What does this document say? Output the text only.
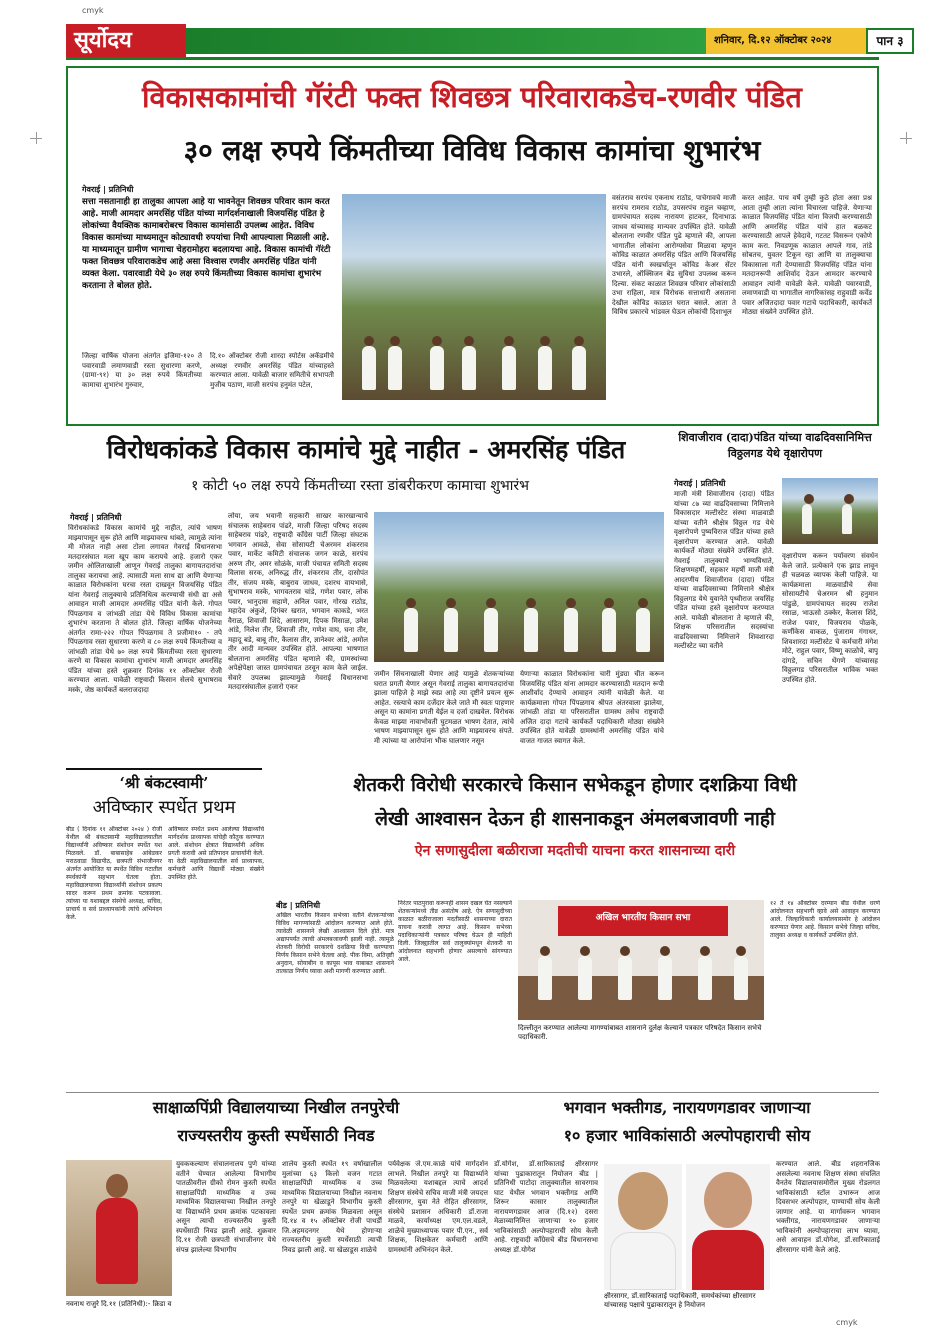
cmyk
cmyk
सूर्योदय	शनिवार, दि.१२ ऑक्टोबर २०२४	पान ३
विकासकामांची गॅरंटी फक्त शिवछत्र परिवाराकडेच-रणवीर पंडित
३० लक्ष रुपये किंमतीच्या विविध विकास कामांचा शुभारंभ
गेवराई | प्रतिनिधी
सत्ता नसतानाही हा तालुका आपला आहे या भावनेतून शिवछत्र परिवार काम करत आहे. माजी आमदार अमरसिंह पंडित यांच्या मार्गदर्शनाखाली विजयसिंह पंडित हे लोकांच्या वैयक्तिक कामाबरोबरच विकास कामांसाठी उपलब्ध आहेत. विविध विकास कामांच्या माध्यमातून कोट्यावधी रुपयांचा निधी आपल्याला मिळाली आहे. या माध्यमातून ग्रामीण भागाचा चेहरामोहरा बदलायचा आहे. विकास कामांची गॅरंटी फक्त शिवछत्र परिवाराकडेच आहे असा विश्वास रणवीर अमरसिंह पंडित यांनी व्यक्त केला. पवारवाडी येथे ३० लक्ष रुपये किंमतीच्या विकास कामांचा शुभारंभ करताना ते बोलत होते.
जिल्हा वार्षिक योजना अंतर्गत इजिमा-१२० ते पवारवाडी लमाणवाडी रस्ता सुधारणा करणे, (ग्रामा-९१) या ३० लक्ष रुपये किंमतीच्या कामाचा शुभारंभ गुरुवार,
दि.१० ऑक्टोबर रोजी शारदा स्पोर्टस अकॅडमीचे अध्यक्ष रणवीर अमरसिंह पंडित यांच्याहस्ते करण्यात आला. यावेळी बाजार समितीचे सभापती मुजीब पठाण, माजी सरपंच हनुमंत पटेल,
वसंतराव सरपंच एकनाथ राठोड, पाचेगावचे माजी सरपंच रामराव राठोड, उपसरपंच राहुल चव्हाण, ग्रामपंचायत सदस्य नारायण हाटकर, दिनाभाऊ जाधव यांच्यासह मान्यवर उपस्थित होते. यावेळी बोलताना रणवीर पंडित पुढे म्हणाले की, आपला भागातील लोकांना आरोग्यसेवा मिळावा म्हणून कोविड काळात अमरसिंह पंडित आणि विजयसिंह पंडित यांनी स्वखर्चातून कोविड केअर सेंटर उभारले, ऑक्सिजन बेड सुविधा उपलब्ध करून दिल्या. संकट काळात शिवछत्र परिवार लोकांसाठी उभा राहिला, मात्र विरोधक सत्ताधारी असताना देखील कोविड काळात घरात बसले. आता ते विविध प्रकारचे भांडवल घेऊन लोकांची दिशाभूल
करत आहेत. पाच वर्षे तुम्ही कुठे होता असा प्रश्न आता तुम्ही आता त्यांना विचारला पाहिजे. येणाऱ्या काळात विजयसिंह पंडित यांना विजयी करण्यासाठी आणि अमरसिंह पंडित यांचे हात बळकट करण्यासाठी आपले हेवेदावे, गटतट विसरून एकोणे काम करा. निवडणूक काळात आपले गाव, तांडे सोबतच, युवतर टिकून रहा आणि या तालुक्याचा विकासाला गती देण्यासाठी विजयसिंह पंडित यांना मतदानरूपी आशिर्वाद देऊन आमदार करण्याचे आवाहन त्यांनी यावेळी केले. यावेळी पवारवाडी, लमाणवाडी या भागातील नागरिकांसह राहुवाडी कर्वेड पवार अजितदादा पवार गटाचे पदाधिकारी, कार्यकर्ते मोठ्या संख्येने उपस्थित होते.
विरोधकांकडे विकास कामांचे मुद्दे नाहीत - अमरसिंह पंडित
१ कोटी ५० लक्ष रुपये किंमतीच्या रस्ता डांबरीकरण कामाचा शुभारंभ
गेवराई | प्रतिनिधी
विरोधकांकडे विकास कामांचे मुद्दे नाहीत, त्यांचे भाषण माझ्यापासून सुरू होते आणि माझ्यावरच थांबते, त्यामुळे त्यांना मी मोजत नाही असा टोला लगावत गेवराई विधानसभा मतदारसंघात मला खूप काम करायचे आहे. हजारो एकर जमीन ओलिताखाली आणून गेवराई तालुका बागायतदारांचा तालुका करायचा आहे. त्यासाठी मला साथ द्या आणि येणाऱ्या काळात विरोधकांना घरचा रस्ता दाखवून विजयसिंह पंडित यांना गेवराई तालुक्याचे प्रतिनिधित्व करण्याची संधी द्या असे आवाहन माजी आमदार अमरसिंह पंडित यांनी केले. गोपत पिंपळगाव व जांभळी तांडा येथे विविध विकास कामांचा शुभारंभ करताना ते बोलत होते. जिल्हा वार्षिक योजनेच्या अंतर्गत रामा-२२२ गोपत पिंपळगाव ते प्रजीमा१० - तपे पिंपळगाव रस्ता सुधारणा करणे व ८० लक्ष रुपये किंमतीच्या व जांभळी तांडा येथे ७० लक्ष रुपये किंमतीच्या रस्ता सुधारणा करणे या विकास कामांचा शुभारंभ माजी आमदार अमरसिंह पंडित यांच्या हस्ते शुक्रवार दिनांक ११ ऑक्टोबर रोजी करण्यात आला. यावेळी राष्ट्रवादी किसान सेलचे सुभाषराव मस्के, जेष्ठ कार्यकर्ते बलराजदादा
लोया, जय भवानी सहकारी साखर कारखान्याचे संचालक साहेबराव पांढरे, माजी जिल्हा परिषद सदस्य साहेबराव पांढरे, राष्ट्रवादी काँग्रेस पार्टी जिल्हा संघटक भगवान आवळे, सेवा सोसायटी चेअरमन शंकरराव पवार, मार्केट कमिटी संचालक जगन काळे, सरपंच अरुण तीर, अमर सोळंके, माजी पंचायत समिती सदस्य विलास सरक, अनिरुद्ध तीर, शंकरराव तीर, दासोपंत तीर, संजय मस्के, बाबुराव जाधव, दशरथ वायभासे, सुभाषराव मस्के, भागवतराव चांडे, गणेश पवार, लोक पवार, भानुदास सहाणे, अनिल पवार, गोरख राठोड, महादेव अंकुशे, दिगंबर खरात, भगवान काकडे, भरत वैराळ, शिवाजी शिंदे, आसाराम, दिपक मिसाळ, उमेश आंडे, निलेश तीर, शिवाजी तीर, गणेश वाघ, घना तीर, महादू बडे, बाबू तीर, कैलास तीर, ज्ञानेश्वर आंडे, अमोल तीर आदी मान्यवर उपस्थित होते. आपल्या भाषणात बोलताना अमरसिंह पंडित म्हणाले की, ग्रामस्थांच्या अपेक्षेपेक्षा जास्त ग्रामपंचायत ठरवून काम केले जाईल. सेवारे उपलब्ध झाल्यामुळे गेवराई विधानसभा मतदारसंघातील हजारो एकर
जमीन सिंचनाखाली येणार आहे यामुळे शेतकऱ्यांच्या घरात प्रगती येणार असून गेवराई तालुका बागायतदारांचा झाला पाहिजे हे माझे स्वप्न आहे त्या दृष्टीने प्रयत्न सुरू आहेत. रस्त्याचे काम दर्जेदार केले जाते मी स्वतः पाहणार असून या कामांना प्रगती येईल व दर्जा दाखवेल. विरोधक केवळ माझ्या नावाभोवती घुटमळत भाषण देतात, त्यांचे भाषण माझ्यापासून सुरू होते आणि माझ्यावरच संपते. मी त्यांच्या या आरोपांना भीक घालणार नसून
येणाऱ्या काळात विरोधकांना चारी मुंड्या चीत करून विजयसिंह पंडित यांना आमदार करण्यासाठी मतदान रूपी आशीर्वाद देण्याचे आवाहन त्यांनी यावेळी केले. या कार्यक्रमाला गोपत पिंपळगाव श्रीपत अंतरवाला झालेया, जांभळी तांडा या परिसरातील ग्रामस्थ तसेच राष्ट्रवादी अजित दादा गटाचे कार्यकर्ते पदाधिकारी मोठ्या संख्येने उपस्थित होते यावेळी ग्रामस्थांनी अमरसिंह पंडित यांचे वाजत गाजत स्वागत केले.
शिवाजीराव (दादा)पंडित यांच्या वाढदिवसानिमित्त विठ्ठलगड येथे वृक्षारोपण
गेवराई | प्रतिनिधी
माजी मंत्री शिवाजीराव (दादा) पंडित यांच्या ८७ व्या वाढदिवसाच्या निमित्ताने विकासदार मल्टीस्टेट संस्था माळवाडी यांच्या वतीने श्रीक्षेत्र विठ्ठल गड येथे वृक्षारोपणे पुष्यविराज पंडित यांच्या हस्ते वृक्षारोपण करण्यात आले. यावेळी कार्यकर्ते मोठ्या संख्येने उपस्थित होते. गेवराई तालुक्याचे भाग्यविधाते, शिक्षणमहर्षी, सहकार महर्षी माजी मंत्री आदरणीय शिवाजीराव (दादा) पंडित यांच्या वाढदिवसाच्या निमित्ताने श्रीक्षेत्र विठ्ठलगड येथे युवानेते पृथ्वीराज जयसिंह पंडित यांच्या हस्ते वृक्षारोपण करण्यात आले. यावेळी बोलताना ते म्हणाले की, शिक्षक परिसरातील सदस्यांचा वाढदिवसाच्या निमित्ताने शिवशारदा मल्टीस्टेट च्या वतीने
वृक्षारोपण करून पर्यावरण संवर्धन केले जाते. प्रत्येकाने एक झाड लावून ही चळवळ व्यापक केली पाहिजे. या कार्यक्रमाला माळवाडीचे सेवा सोसायटीचे चेअरमन श्री हनुमान पांडुळे, ग्रामपंचायत सदस्य राजेश रसाळ, भाऊसो ठक्केर, कैलास शिंदे, राजेश पवार, विजयराव पोळके, कर्णीकेस वाकळ, पुंजाराम गंगाधर, शिवशारदा मल्टीस्टेट चे कर्मचारी मंगेश मोटे, राहुल पवार, विष्णू काळोचे, बापू दांगडे, सचिन थेंगणे यांच्यासह विठ्ठलगड परिसरातील भाविक भक्त उपस्थित होते.
‘श्री बंकटस्वामी’
अविष्कार स्पर्धेत प्रथम
बीड ( दिनांक ११ ऑक्टोबर २०२४ ) रोजी येथील श्री बंकटस्वामी महाविद्यालयातील विद्यार्थ्यांनी अविष्कार संशोधन स्पर्धेत यश मिळवले. डॉ. बाबासाहेब आंबेडकर मराठवाडा विद्यापीठ, छत्रपती संभाजीनगर अंतर्गत आयोजित या स्पर्धेत विविध गटातील स्पर्धकांनी सहभाग घेतला होता. महाविद्यालयाच्या विद्यार्थ्यांनी संशोधन प्रकल्प सादर करून प्रथम क्रमांक पटकावला. त्यांच्या या यशाबद्दल संस्थेचे अध्यक्ष, सचिव, प्राचार्य व सर्व प्राध्यापकांनी त्यांचे अभिनंदन केले.
अविष्कार स्पर्धेत प्रथम आलेल्या विद्यार्थ्यांचे मार्गदर्शक प्राध्यापक यांचेही कौतुक करण्यात आले. संशोधन क्षेत्रात विद्यार्थ्यांनी अधिक प्रगती करावी असे प्रतिपादन प्राचार्यांनी केले. या वेळी महाविद्यालयातील सर्व प्राध्यापक, कर्मचारी आणि विद्यार्थी मोठ्या संख्येने उपस्थित होते.
शेतकरी विरोधी सरकारचे किसान सभेकडून होणार दशक्रिया विधी
लेखी आश्वासन देऊन ही शासनाकडून अंमलबजावणी नाही
ऐन सणासुदीला बळीराजा मदतीची याचना करत शासनाच्या दारी
बीड | प्रतिनिधी
अखिल भारतीय किसान सभेच्या वतीने शेतकऱ्यांच्या विविध मागण्यांसाठी आंदोलन करण्यात आले होते. त्यावेळी शासनाने लेखी आश्वासन दिले होते. मात्र अद्यापपर्यंत त्याची अंमलबजावणी झाली नाही. त्यामुळे शेतकरी विरोधी सरकारचे दशक्रिया विधी करण्याचा निर्णय किसान सभेने घेतला आहे. पीक विमा, अतिवृष्टी अनुदान, सोयाबीन व कापूस भाव याबाबत शासनाने तात्काळ निर्णय घ्यावा अशी मागणी करण्यात आली.
निरंतर पाठपुरावा करूनही शासन दखल घेत नसल्याने शेतकऱ्यांमध्ये तीव्र असंतोष आहे. ऐन सणासुदीच्या काळात बळीराजाला मदतीसाठी शासनाच्या दारात याचना करावी लागत आहे. किसान सभेच्या पदाधिकाऱ्यांनी पत्रकार परिषद घेऊन ही माहिती दिली. जिल्ह्यातील सर्व तालुक्यांमधून शेतकरी या आंदोलनात सहभागी होणार असल्याचे सांगण्यात आले.
अखिल भारतीय किसान सभा
दिल्लीतून करण्यात आलेल्या मागण्यांबाबत शासनाने दुर्लक्ष केल्याने पत्रकार परिषदेत किसान सभेचे पदाधिकारी.
१२ ते १४ ऑक्टोबर दरम्यान बीड येथील धरणे आंदोलनात सहभागी व्हावे असे आवाहन करण्यात आले. जिल्हाधिकारी कार्यालयासमोर हे आंदोलन करण्यात येणार आहे. किसान सभेचे जिल्हा सचिव, तालुका अध्यक्ष व कार्यकर्ते उपस्थित होते.
साक्षाळपिंप्री विद्यालयाच्या निखील तनपुरेची
राज्यस्तरीय कुस्ती स्पर्धेसाठी निवड
नवनाथ राजुरे दि.११ (प्रतिनिधी):- क्रिडा व
युवककल्याण संचालनालय पुणे यांच्या वतीने घेण्यात आलेल्या विभागीय पातळीवरील ग्रीको रोमन कुस्ती स्पर्धेत साक्षाळपिंप्री माध्यमिक व उच्च माध्यमिक विद्यालयाच्या निखील तनपुरे या विद्यार्थ्याने प्रथम क्रमांक पटकावला असून त्याची राज्यस्तरीय कुस्ती स्पर्धेसाठी निवड झाली आहे. शुक्रवार दि.११ रोजी छत्रपती संभाजीनगर येथे संपन्न झालेल्या विभागीय
शालेय कुस्ती स्पर्धेत १९ वर्षाखालील मुलांच्या ६३ किलो वजन गटात साक्षाळपिंप्री माध्यमिक व उच्च माध्यमिक विद्यालयाच्या निखील नवनाथ तनपुरे या खेळाडूने विभागीय कुस्ती स्पर्धेत प्रथम क्रमांक मिळवला असून दि.१४ व १५ ऑक्टोबर रोजी पाथर्डी जि.अहमदनगर येथे होणाऱ्या राज्यस्तरीय कुस्ती स्पर्धेसाठी त्याची निवड झाली आहे. या खेळाडूस शाळेचे
पर्यवेक्षक जे.एम.काळे यांचे मार्गदर्शन लाभले. निखील तनपुरे या विद्यार्थ्याने मिळवलेल्या यशाबद्दल त्याचे आदर्श शिक्षण संस्थेचे सचिव माजी मंत्री जयदत्त क्षीरसागर, युवा नेते रोहित क्षीरसागर, संस्थेचे प्रशासन अधिकारी डॉ.राजा माळवे, कार्याध्यक्ष एम.एल.वडले, शाळेचे मुख्याध्यापक पवार पी.एन., सर्व शिक्षक, शिक्षकेतर कर्मचारी आणि ग्रामस्थांनी अभिनंदन केले.
भगवान भक्तीगड, नारायणगडावर जाणाऱ्या
१० हजार भाविकांसाठी अल्पोपहाराची सोय
डॉ.योगेश, डॉ.सारिकाताई क्षीरसागर यांच्या पुढाकारातून नियोजन बीड | प्रतिनिधी पाटोदा तालुक्यातील सावरगाव घाट येथील भगवान भक्तीगड आणि शिरूर कासार तालुक्यातील नारायणगडावर आज (दि.१२) दसरा मेळाव्यानिमित्त जाणाऱ्या १० हजार भाविकांसाठी अल्पोपहाराची सोय केली आहे. राष्ट्रवादी काँग्रेसचे बीड विधानसभा अध्यक्ष डॉ.योगेश
क्षीरसागर, डॉ.सारिकाताई पदाधिकारी, समर्थकांच्या क्षीरसागर यांच्यासह पक्षाचे पुढाकारातून हे नियोजन
करण्यात आले. बीड शहरानजिक असलेल्या नवनाथ शिक्षण संस्था संचलित वैनतेय विद्यालयासमोरील मुख्य रोडलगत भाविकांसाठी स्टॉल उभारून आज दिवसभर अल्पोपहार, पाण्याची सोय केली जाणार आहे. या मार्गावरून भगवान भक्तीगड, नारायणगडावर जाणाऱ्या भाविकांनी अल्पोपहाराचा लाभ घ्यावा, असे आवाहन डॉ.योगेश, डॉ.सारिकाताई क्षीरसागर यांनी केले आहे.
